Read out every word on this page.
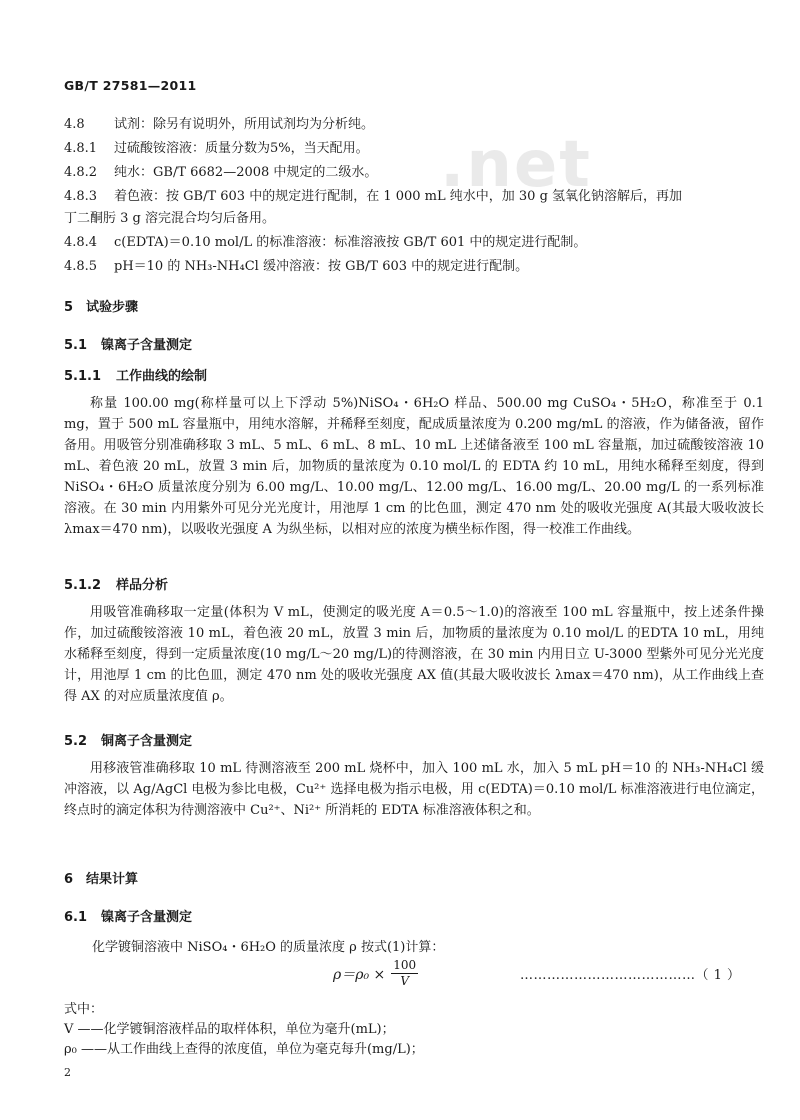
.net
GB/T 27581—2011
4.8 试剂：除另有说明外，所用试剂均为分析纯。
4.8.1 过硫酸铵溶液：质量分数为5%，当天配用。
4.8.2 纯水：GB/T 6682—2008 中规定的二级水。
4.8.3 着色液：按 GB/T 603 中的规定进行配制，在 1 000 mL 纯水中，加 30 g 氢氧化钠溶解后，再加
丁二酮肟 3 g 溶完混合均匀后备用。
4.8.4 c(EDTA)＝0.10 mol/L 的标准溶液：标准溶液按 GB/T 601 中的规定进行配制。
4.8.5 pH＝10 的 NH₃-NH₄Cl 缓冲溶液：按 GB/T 603 中的规定进行配制。
5 试验步骤
5.1 镍离子含量测定
5.1.1 工作曲线的绘制
称量 100.00 mg(称样量可以上下浮动 5%)NiSO₄・6H₂O 样品、500.00 mg CuSO₄・5H₂O，称准至于 0.1 mg，置于 500 mL 容量瓶中，用纯水溶解，并稀释至刻度，配成质量浓度为 0.200 mg/mL 的溶液，作为储备液，留作备用。用吸管分别准确移取 3 mL、5 mL、6 mL、8 mL、10 mL 上述储备液至 100 mL 容量瓶，加过硫酸铵溶液 10 mL、着色液 20 mL，放置 3 min 后，加物质的量浓度为 0.10 mol/L 的 EDTA 约 10 mL，用纯水稀释至刻度，得到 NiSO₄・6H₂O 质量浓度分别为 6.00 mg/L、10.00 mg/L、12.00 mg/L、16.00 mg/L、20.00 mg/L 的一系列标准溶液。在 30 min 内用紫外可见分光光度计，用池厚 1 cm 的比色皿，测定 470 nm 处的吸收光强度 A(其最大吸收波长 λmax＝470 nm)，以吸收光强度 A 为纵坐标，以相对应的浓度为横坐标作图，得一校准工作曲线。
5.1.2 样品分析
用吸管准确移取一定量(体积为 V mL，使测定的吸光度 A＝0.5～1.0)的溶液至 100 mL 容量瓶中，按上述条件操作，加过硫酸铵溶液 10 mL，着色液 20 mL，放置 3 min 后，加物质的量浓度为 0.10 mol/L 的EDTA 10 mL，用纯水稀释至刻度，得到一定质量浓度(10 mg/L～20 mg/L)的待测溶液，在 30 min 内用日立 U-3000 型紫外可见分光光度计，用池厚 1 cm 的比色皿，测定 470 nm 处的吸收光强度 AX 值(其最大吸收波长 λmax＝470 nm)，从工作曲线上查得 AX 的对应质量浓度值 ρ。
5.2 铜离子含量测定
用移液管准确移取 10 mL 待测溶液至 200 mL 烧杯中，加入 100 mL 水，加入 5 mL pH＝10 的 NH₃-NH₄Cl 缓冲溶液，以 Ag/AgCl 电极为参比电极，Cu²⁺ 选择电极为指示电极，用 c(EDTA)＝0.10 mol/L 标准溶液进行电位滴定，终点时的滴定体积为待测溶液中 Cu²⁺、Ni²⁺ 所消耗的 EDTA 标准溶液体积之和。
6 结果计算
6.1 镍离子含量测定
化学镀铜溶液中 NiSO₄・6H₂O 的质量浓度 ρ 按式(1)计算：
$\rho=\rho_0 \times \frac{100}{V}$	…………………………………（ 1 ）
式中：
V ——化学镀铜溶液样品的取样体积，单位为毫升(mL)；
ρ₀ ——从工作曲线上查得的浓度值，单位为毫克每升(mg/L)；
2
